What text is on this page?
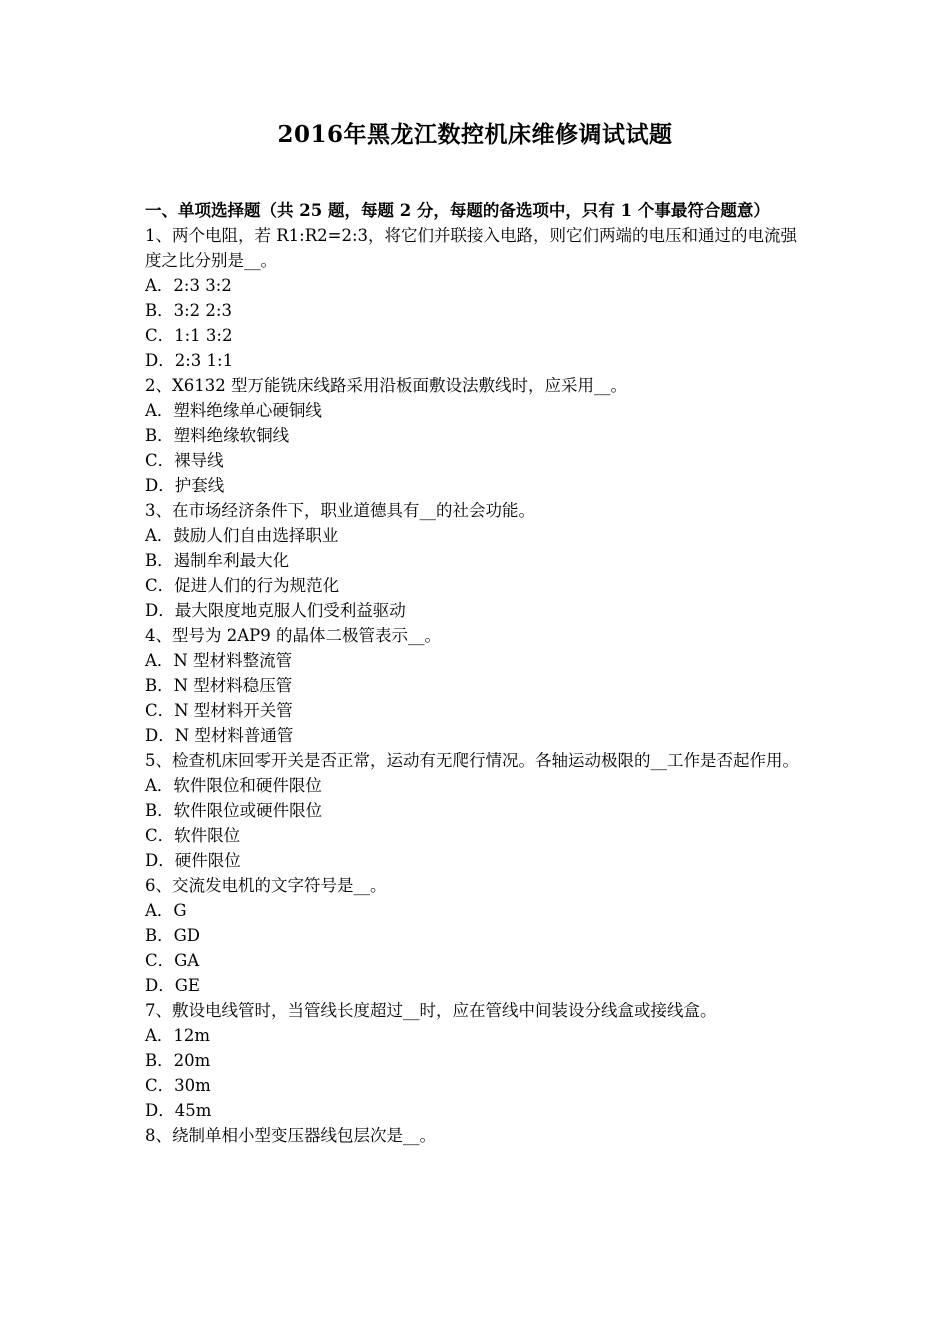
2016年黑龙江数控机床维修调试试题
一、单项选择题（共 25 题，每题 2 分，每题的备选项中，只有 1 个事最符合题意）
1、两个电阻，若 R1:R2=2:3，将它们并联接入电路，则它们两端的电压和通过的电流强度之比分别是__。
A．2:3 3:2
B．3:2 2:3
C．1:1 3:2
D．2:3 1:1
2、X6132 型万能铣床线路采用沿板面敷设法敷线时，应采用__。
A．塑料绝缘单心硬铜线
B．塑料绝缘软铜线
C．裸导线
D．护套线
3、在市场经济条件下，职业道德具有__的社会功能。
A．鼓励人们自由选择职业
B．遏制牟利最大化
C．促进人们的行为规范化
D．最大限度地克服人们受利益驱动
4、型号为 2AP9 的晶体二极管表示__。
A．N 型材料整流管
B．N 型材料稳压管
C．N 型材料开关管
D．N 型材料普通管
5、检查机床回零开关是否正常，运动有无爬行情况。各轴运动极限的__工作是否起作用。
A．软件限位和硬件限位
B．软件限位或硬件限位
C．软件限位
D．硬件限位
6、交流发电机的文字符号是__。
A．G
B．GD
C．GA
D．GE
7、敷设电线管时，当管线长度超过__时，应在管线中间装设分线盒或接线盒。
A．12m
B．20m
C．30m
D．45m
8、绕制单相小型变压器线包层次是__。
